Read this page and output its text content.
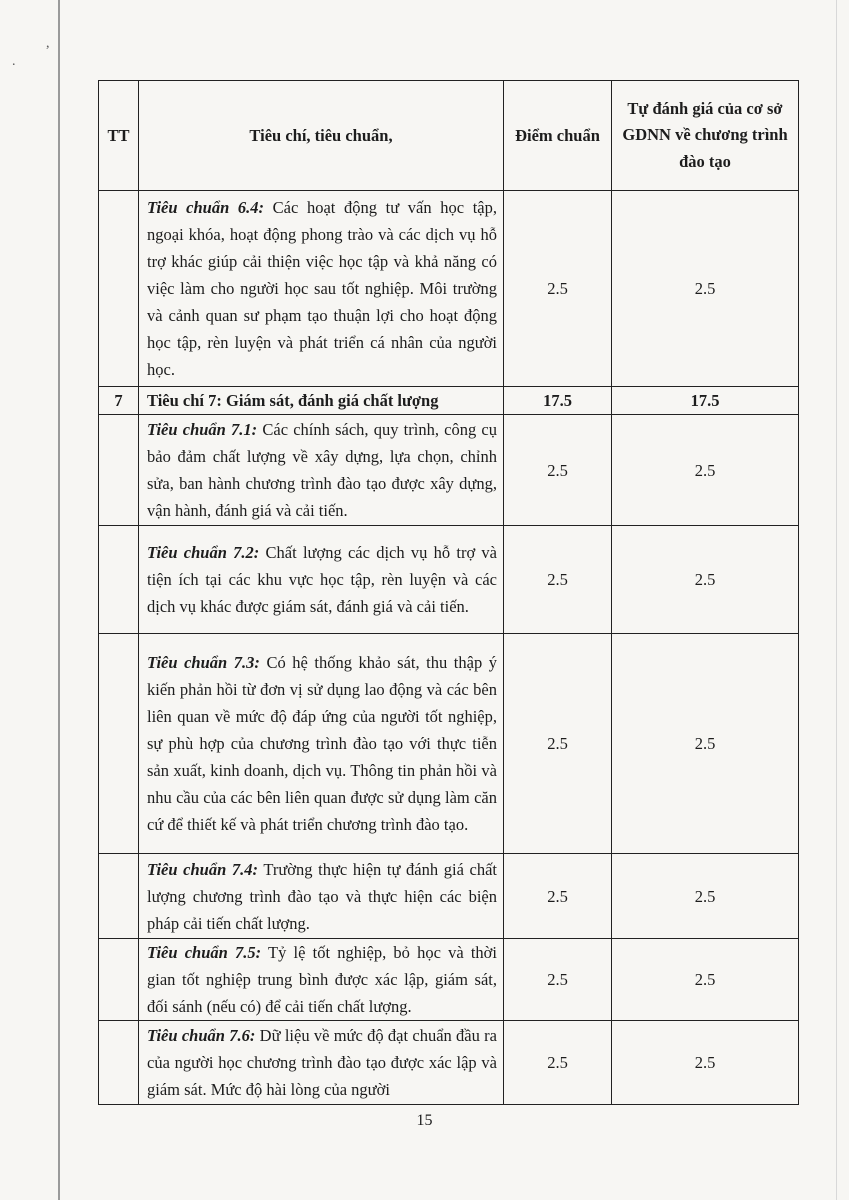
,
.
TT	Tiêu chí, tiêu chuẩn,	Điểm chuẩn	Tự đánh giá của cơ sở GDNN về chương trình đào tạo
	Tiêu chuẩn 6.4: Các hoạt động tư vấn học tập, ngoại khóa, hoạt động phong trào và các dịch vụ hỗ trợ khác giúp cải thiện việc học tập và khả năng có việc làm cho người học sau tốt nghiệp. Môi trường và cảnh quan sư phạm tạo thuận lợi cho hoạt động học tập, rèn luyện và phát triển cá nhân của người học.	2.5	2.5
7	Tiêu chí 7: Giám sát, đánh giá chất lượng	17.5	17.5
	Tiêu chuẩn 7.1: Các chính sách, quy trình, công cụ bảo đảm chất lượng về xây dựng, lựa chọn, chỉnh sửa, ban hành chương trình đào tạo được xây dựng, vận hành, đánh giá và cải tiến.	2.5	2.5
	Tiêu chuẩn 7.2: Chất lượng các dịch vụ hỗ trợ và tiện ích tại các khu vực học tập, rèn luyện và các dịch vụ khác được giám sát, đánh giá và cải tiến.	2.5	2.5
	Tiêu chuẩn 7.3: Có hệ thống khảo sát, thu thập ý kiến phản hồi từ đơn vị sử dụng lao động và các bên liên quan về mức độ đáp ứng của người tốt nghiệp, sự phù hợp của chương trình đào tạo với thực tiễn sản xuất, kinh doanh, dịch vụ. Thông tin phản hồi và nhu cầu của các bên liên quan được sử dụng làm căn cứ để thiết kế và phát triển chương trình đào tạo.	2.5	2.5
	Tiêu chuẩn 7.4: Trường thực hiện tự đánh giá chất lượng chương trình đào tạo và thực hiện các biện pháp cải tiến chất lượng.	2.5	2.5
	Tiêu chuẩn 7.5: Tỷ lệ tốt nghiệp, bỏ học và thời gian tốt nghiệp trung bình được xác lập, giám sát, đối sánh (nếu có) để cải tiến chất lượng.	2.5	2.5
	Tiêu chuẩn 7.6: Dữ liệu về mức độ đạt chuẩn đầu ra của người học chương trình đào tạo được xác lập và giám sát. Mức độ hài lòng của người	2.5	2.5
15
